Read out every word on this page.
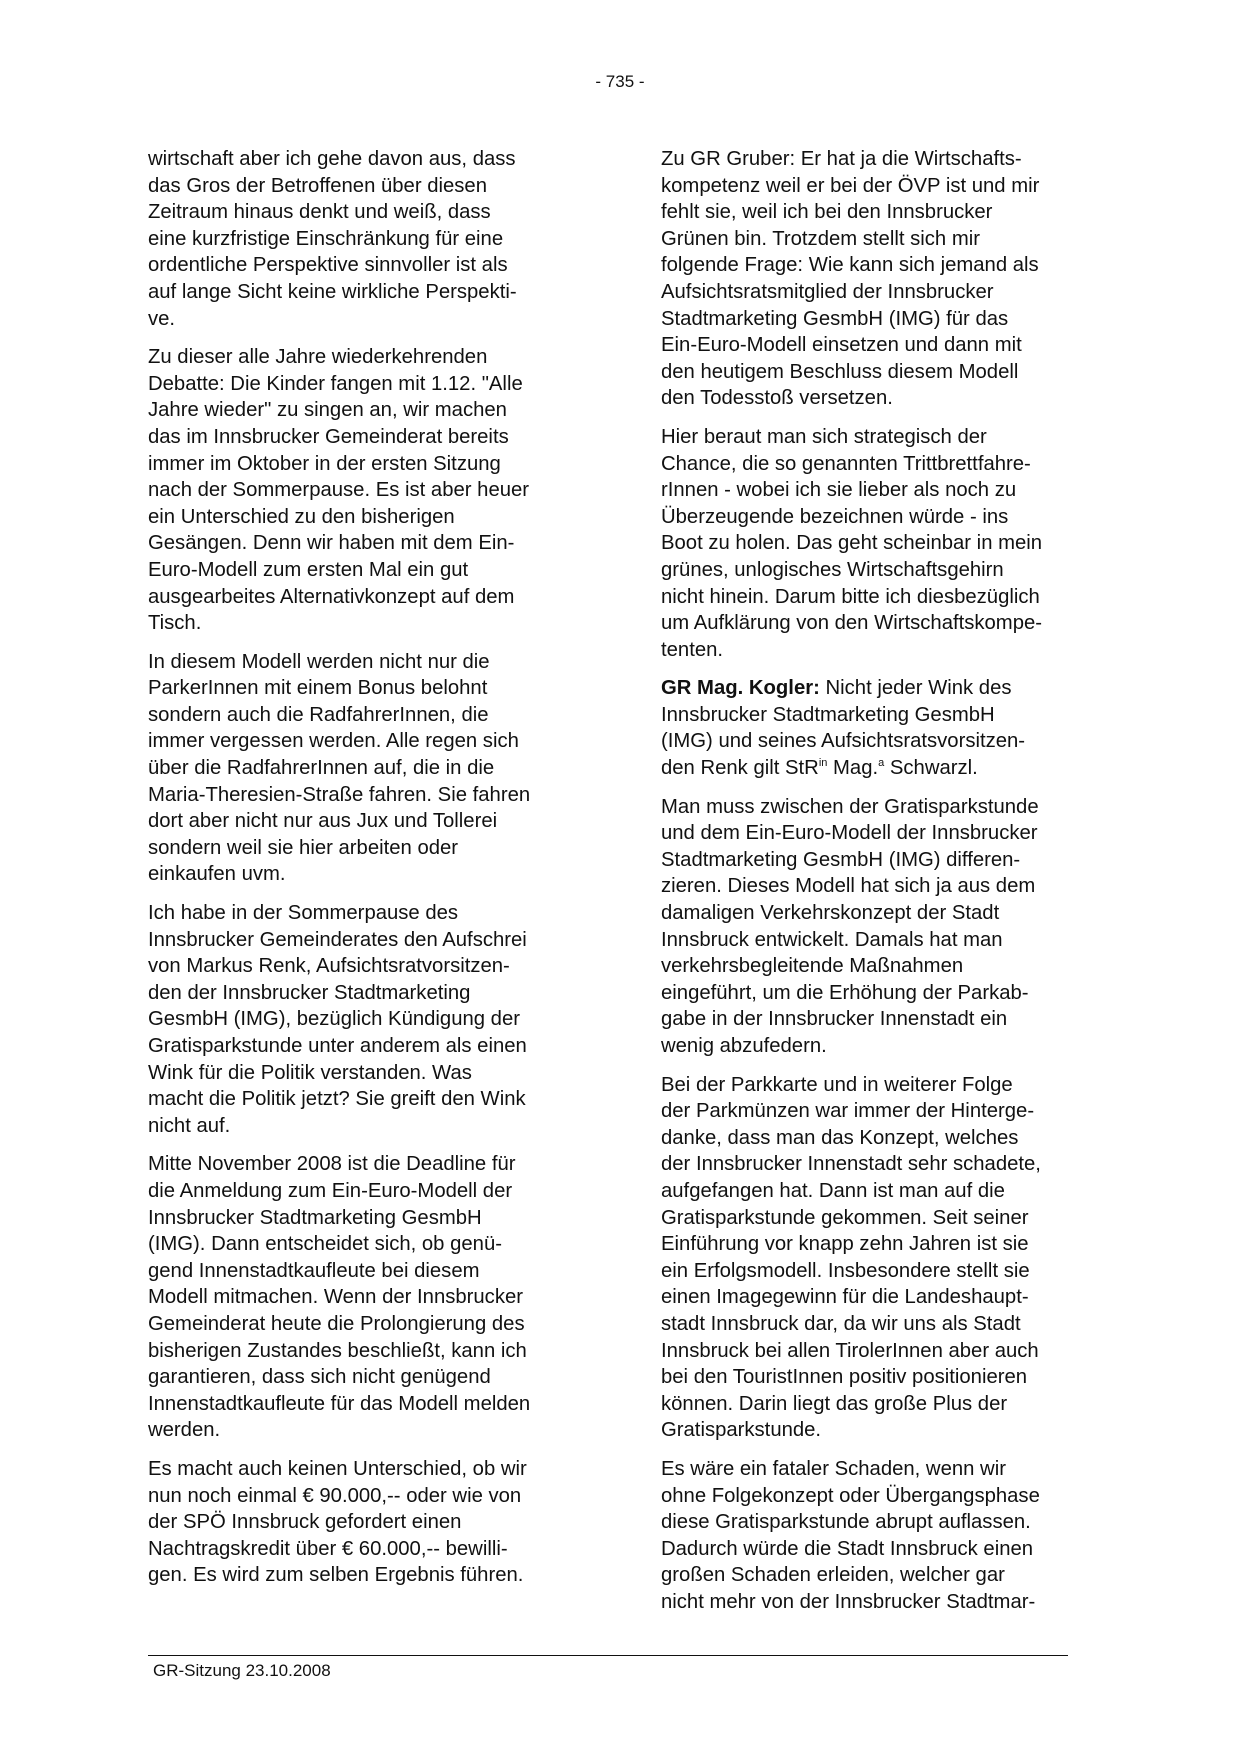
- 735 -

wirtschaft aber ich gehe davon aus, dass
das Gros der Betroffenen über diesen
Zeitraum hinaus denkt und weiß, dass
eine kurzfristige Einschränkung für eine
ordentliche Perspektive sinnvoller ist als
auf lange Sicht keine wirkliche Perspekti-
ve.

Zu dieser alle Jahre wiederkehrenden
Debatte: Die Kinder fangen mit 1.12. "Alle
Jahre wieder" zu singen an, wir machen
das im Innsbrucker Gemeinderat bereits
immer im Oktober in der ersten Sitzung
nach der Sommerpause. Es ist aber heuer
ein Unterschied zu den bisherigen
Gesängen. Denn wir haben mit dem Ein-
Euro-Modell zum ersten Mal ein gut
ausgearbeites Alternativkonzept auf dem
Tisch.

In diesem Modell werden nicht nur die
ParkerInnen mit einem Bonus belohnt
sondern auch die RadfahrerInnen, die
immer vergessen werden. Alle regen sich
über die RadfahrerInnen auf, die in die
Maria-Theresien-Straße fahren. Sie fahren
dort aber nicht nur aus Jux und Tollerei
sondern weil sie hier arbeiten oder
einkaufen uvm.

Ich habe in der Sommerpause des
Innsbrucker Gemeinderates den Aufschrei
von Markus Renk, Aufsichtsratvorsitzen-
den der Innsbrucker Stadtmarketing
GesmbH (IMG), bezüglich Kündigung der
Gratisparkstunde unter anderem als einen
Wink für die Politik verstanden. Was
macht die Politik jetzt? Sie greift den Wink
nicht auf.

Mitte November 2008 ist die Deadline für
die Anmeldung zum Ein-Euro-Modell der
Innsbrucker Stadtmarketing GesmbH
(IMG). Dann entscheidet sich, ob genü-
gend Innenstadtkaufleute bei diesem
Modell mitmachen. Wenn der Innsbrucker
Gemeinderat heute die Prolongierung des
bisherigen Zustandes beschließt, kann ich
garantieren, dass sich nicht genügend
Innenstadtkaufleute für das Modell melden
werden.

Es macht auch keinen Unterschied, ob wir
nun noch einmal € 90.000,-- oder wie von
der SPÖ Innsbruck gefordert einen
Nachtragskredit über € 60.000,-- bewilli-
gen. Es wird zum selben Ergebnis führen.

Zu GR Gruber: Er hat ja die Wirtschafts-
kompetenz weil er bei der ÖVP ist und mir
fehlt sie, weil ich bei den Innsbrucker
Grünen bin. Trotzdem stellt sich mir
folgende Frage: Wie kann sich jemand als
Aufsichtsratsmitglied der Innsbrucker
Stadtmarketing GesmbH (IMG) für das
Ein-Euro-Modell einsetzen und dann mit
den heutigem Beschluss diesem Modell
den Todesstoß versetzen.

Hier beraut man sich strategisch der
Chance, die so genannten Trittbrettfahre-
rInnen - wobei ich sie lieber als noch zu
Überzeugende bezeichnen würde - ins
Boot zu holen. Das geht scheinbar in mein
grünes, unlogisches Wirtschaftsgehirn
nicht hinein. Darum bitte ich diesbezüglich
um Aufklärung von den Wirtschaftskompe-
tenten.

GR Mag. Kogler: Nicht jeder Wink des
Innsbrucker Stadtmarketing GesmbH
(IMG) und seines Aufsichtsratsvorsitzen-
den Renk gilt StR$^{in}$ Mag.$^a$ Schwarzl.

Man muss zwischen der Gratisparkstunde
und dem Ein-Euro-Modell der Innsbrucker
Stadtmarketing GesmbH (IMG) differen-
zieren. Dieses Modell hat sich ja aus dem
damaligen Verkehrskonzept der Stadt
Innsbruck entwickelt. Damals hat man
verkehrsbegleitende Maßnahmen
eingeführt, um die Erhöhung der Parkab-
gabe in der Innsbrucker Innenstadt ein
wenig abzufedern.

Bei der Parkkarte und in weiterer Folge
der Parkmünzen war immer der Hinterge-
danke, dass man das Konzept, welches
der Innsbrucker Innenstadt sehr schadete,
aufgefangen hat. Dann ist man auf die
Gratisparkstunde gekommen. Seit seiner
Einführung vor knapp zehn Jahren ist sie
ein Erfolgsmodell. Insbesondere stellt sie
einen Imagegewinn für die Landeshaupt-
stadt Innsbruck dar, da wir uns als Stadt
Innsbruck bei allen TirolerInnen aber auch
bei den TouristInnen positiv positionieren
können. Darin liegt das große Plus der
Gratisparkstunde.

Es wäre ein fataler Schaden, wenn wir
ohne Folgekonzept oder Übergangsphase
diese Gratisparkstunde abrupt auflassen.
Dadurch würde die Stadt Innsbruck einen
großen Schaden erleiden, welcher gar
nicht mehr von der Innsbrucker Stadtmar-

GR-Sitzung 23.10.2008
